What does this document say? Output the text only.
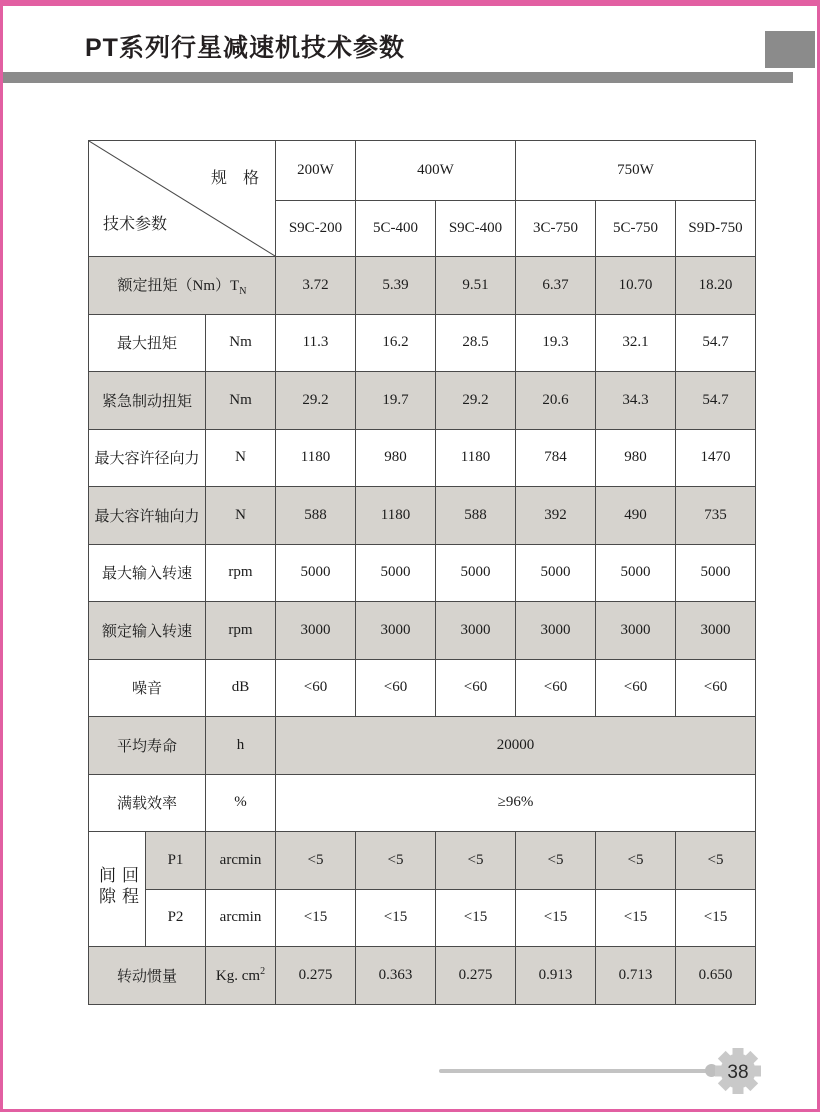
PT系列行星减速机技术参数
规　格
技术参数			200W	400W		750W		
			S9C-200	5C-400	S9C-400	3C-750	5C-750	S9D-750
额定扭矩$(Nm)T_N$			3.72	5.39	9.51	6.37	10.70	18.20
最大扭矩		Nm	11.3	16.2	28.5	19.3	32.1	54.7
紧急制动扭矩		Nm	29.2	19.7	29.2	20.6	34.3	54.7
最大容许径向力		N	1180	980	1180	784	980	1470
最大容许轴向力		N	588	1180	588	392	490	735
最大输入转速		rpm	5000	5000	5000	5000	5000	5000
额定输入转速		rpm	3000	3000	3000	3000	3000	3000
噪音		dB	<60	<60	<60	<60	<60	<60
平均寿命		h	20000					
满载效率		%	≥96%					
回程间隙	P1	arcmin	<5	<5	<5	<5	<5	<5
	P2	arcmin	<15	<15	<15	<15	<15	<15
转动惯量		Kg. $cm^2$	0.275	0.363	0.275	0.913	0.713	0.650
38
